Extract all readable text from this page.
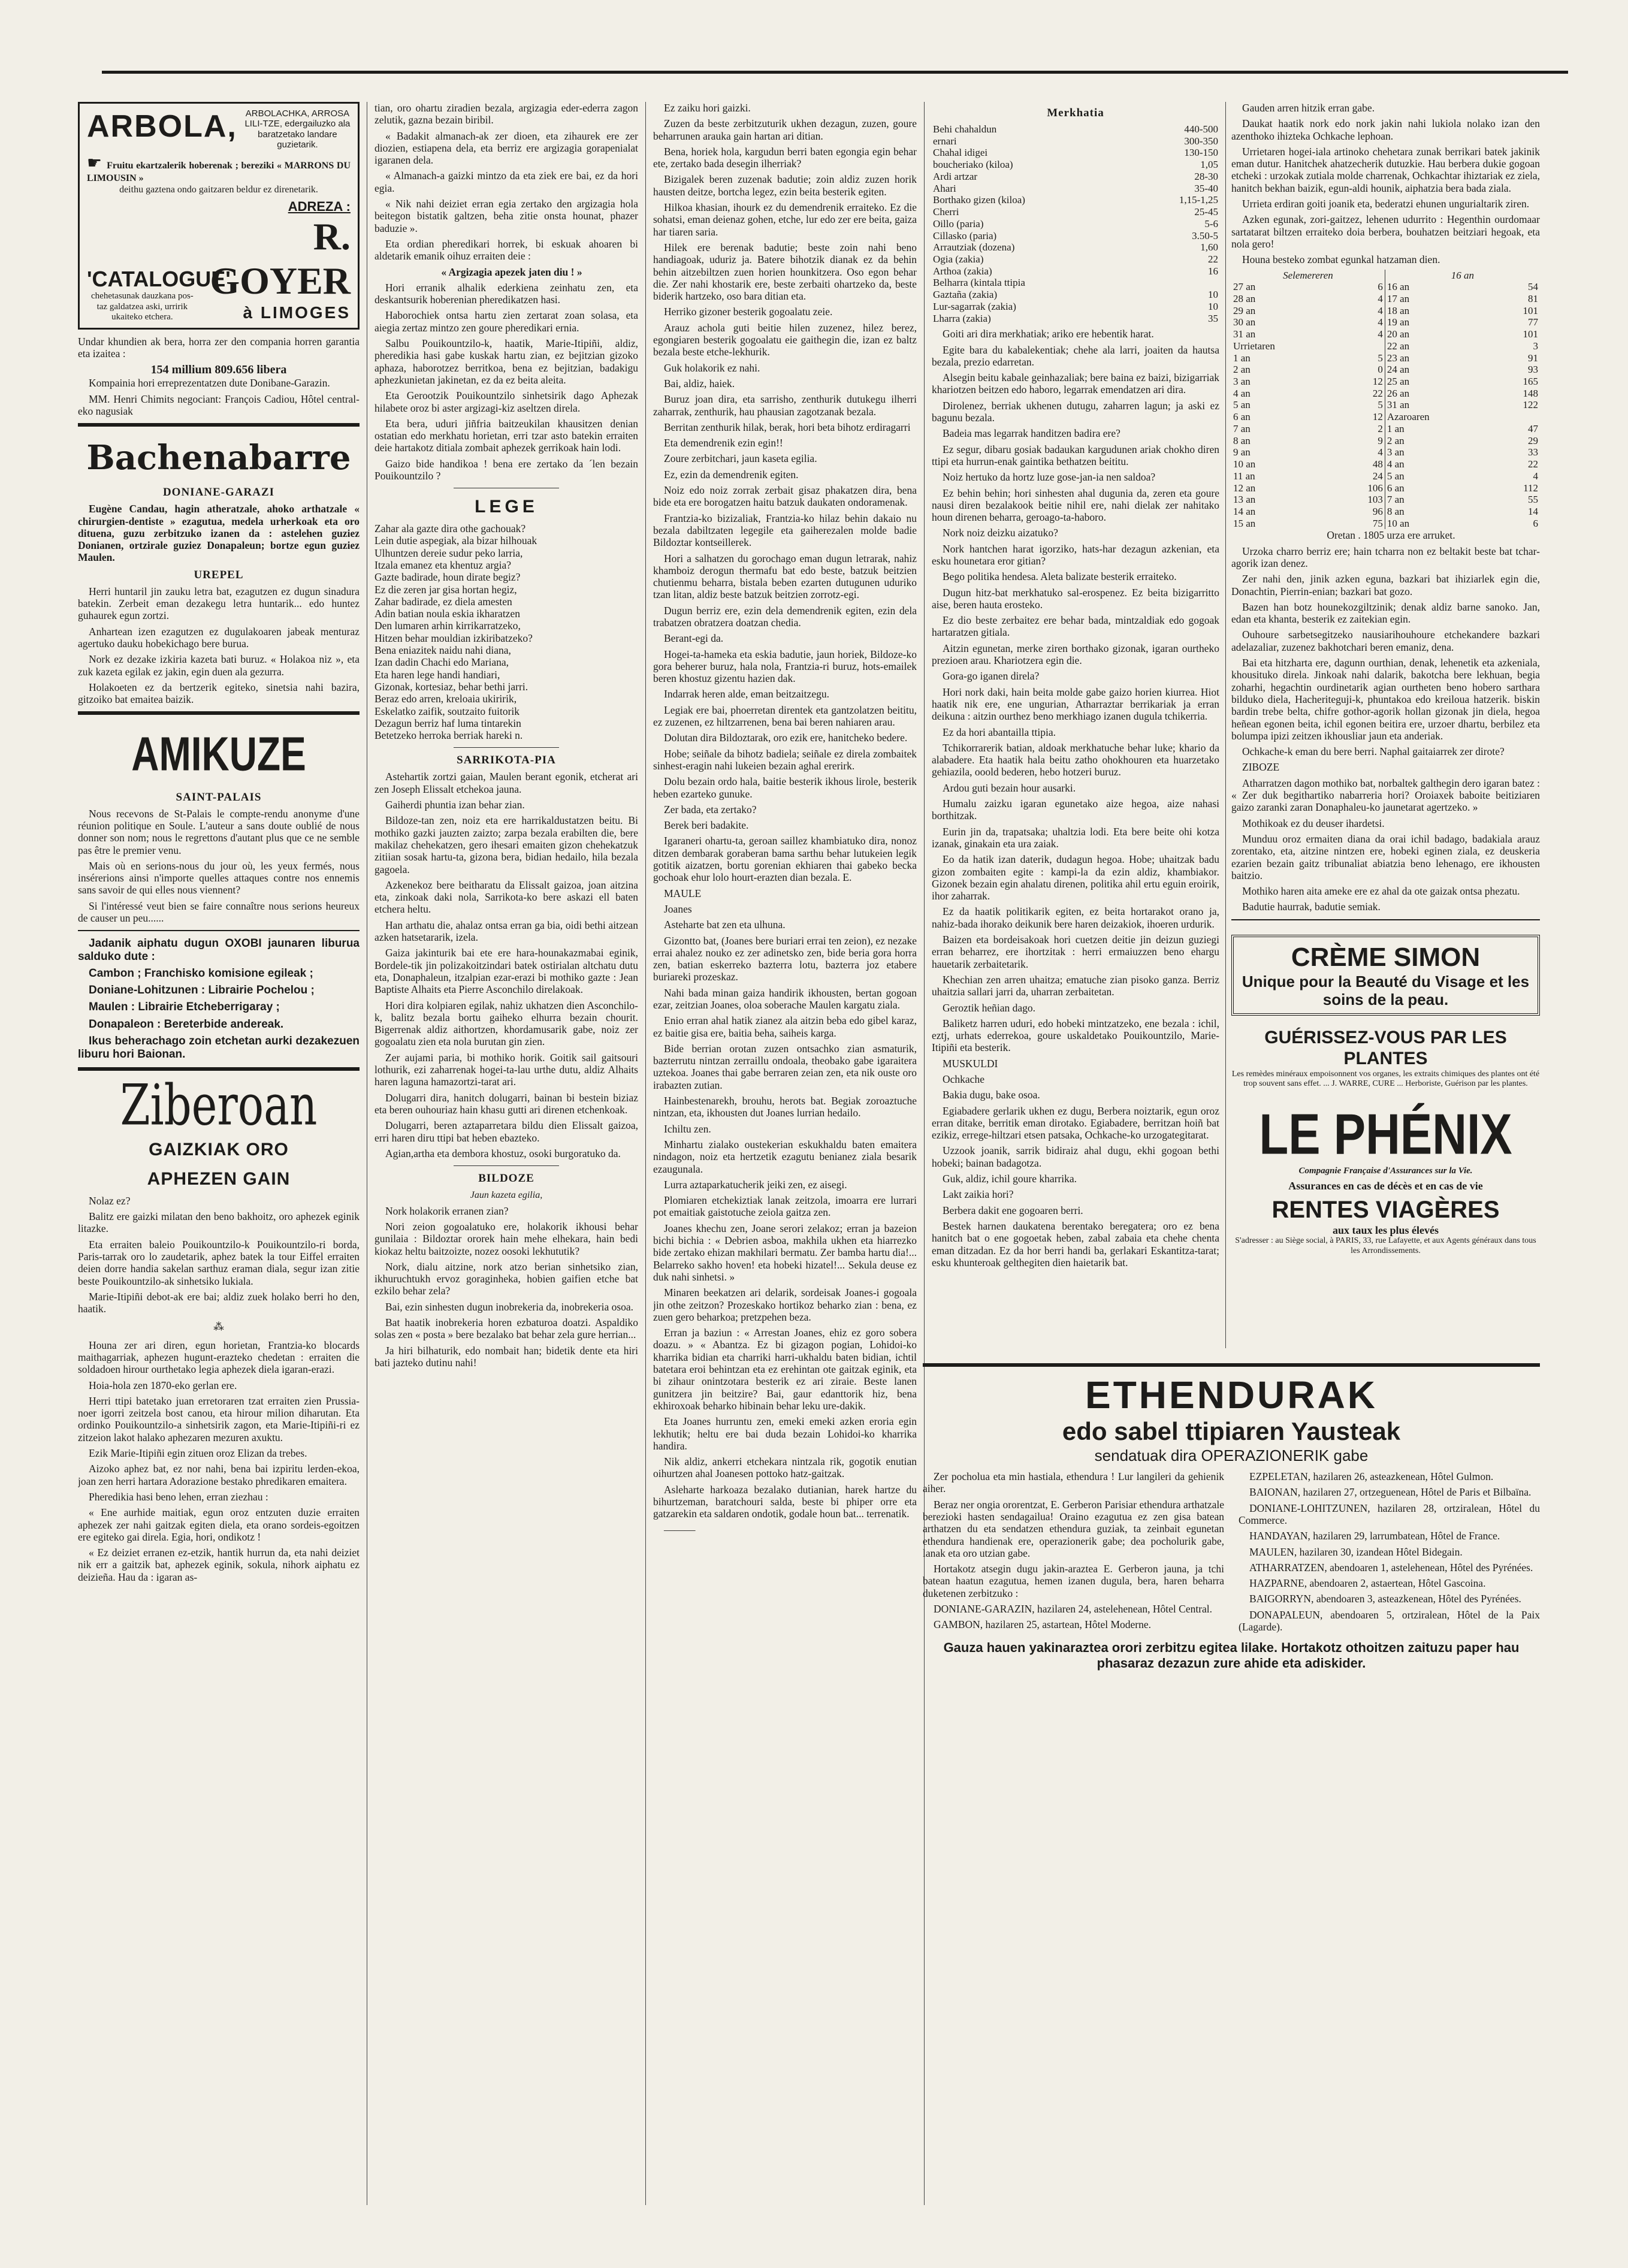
ARBOLA, ARBOLACHKA, ARROSA LILI-TZE, edergailuzko ala baratzetako landare guzietarik.
☛ Fruitu ekartzalerik hoberenak ; bereziki « MARRONS DU LIMOUSIN »
deithu gaztena ondo gaitzaren beldur ez direnetarik.
'CATALOGUE'
chehetasunak dauzkana pos-taz galdatzea aski, urririk ukaiteko etchera.
ADREZA :
R. GOYER
à LIMOGES

Undar khundien ak bera, horra zer den compania horren garantia eta izaitea :

154 millium 809.656 libera

Kompainia hori erreprezentatzen dute Donibane-Garazin.

MM. Henri Chimits negociant: François Cadiou, Hôtel central-eko nagusiak

Bachenabarre
DONIANE-GARAZI

Eugène Candau, hagin atheratzale, ahoko arthatzale « chirurgien-dentiste » ezagutua, medela urherkoak eta oro dituena, guzu zerbitzuko izanen da : astelehen guziez Donianen, ortzirale guziez Donapaleun; bortze egun guziez Maulen.

UREPEL

Herri huntaril jin zauku letra bat, ezagutzen ez dugun sinadura batekin. Zerbeit eman dezakegu letra huntarik... edo huntez guhaurek egun zortzi.

Anhartean izen ezagutzen ez dugulakoaren jabeak menturaz agertuko dauku hobekichago bere burua.

Nork ez dezake izkiria kazeta bati buruz. « Holakoa niz », eta zuk kazeta egilak ez jakin, egin duen ala gezurra.

Holakoeten ez da bertzerik egiteko, sinetsia nahi bazira, gitzoiko bat emaitea baizik.

AMIKUZE
SAINT-PALAIS

Nous recevons de St-Palais le compte-rendu anonyme d'une réunion politique en Soule. L'auteur a sans doute oublié de nous donner son nom; nous le regrettons d'autant plus que ce ne semble pas être le premier venu.

Mais où en serions-nous du jour où, les yeux fermés, nous insérerions ainsi n'importe quelles attaques contre nos ennemis sans savoir de qui elles nous viennent?

Si l'intéressé veut bien se faire connaître nous serions heureux de causer un peu......

Jadanik aiphatu dugun OXOBI jaunaren liburua salduko dute :

Cambon ; Franchisko komisione egileak ;

Doniane-Lohitzunen : Librairie Pochelou ;

Maulen : Librairie Etcheberrigaray ;

Donapaleon : Bereterbide andereak.

Ikus beherachago zoin etchetan aurki dezakezuen liburu hori Baionan.

Ziberoan
GAIZKIAK ORO
APHEZEN GAIN

Nolaz ez?

Balitz ere gaizki milatan den beno bakhoitz, oro aphezek eginik litazke.

Eta erraiten baleio Pouikountzilo-k Pouikountzilo-ri borda, Paris-tarrak oro lo zaudetarik, aphez batek la tour Eiffel erraiten deien dorre handia sakelan sarthuz eraman diala, segur izan zitie beste Pouikountzilo-ak sinhetsiko lukiala.

Marie-Itipiñi debot-ak ere bai; aldiz zuek holako berri ho den, haatik.

⁂

Houna zer ari diren, egun horietan, Frantzia-ko blocards maithagarriak, aphezen hugunt-erazteko chedetan : erraiten die soldadoen hirour ourthetako legia aphezek diela igaran-erazi.

Hoia-hola zen 1870-eko gerlan ere.

Herri ttipi batetako juan erretoraren tzat erraiten zien Prussia-noer igorri zeitzela bost canou, eta hirour milion diharutan. Eta ordinko Pouikountzilo-a sinhetsirik zagon, eta Marie-Itipiñi-ri ez zitzeion lakot halako aphezaren mezuren axuktu.

Ezik Marie-Itipiñi egin zituen oroz Elizan da trebes.

Aizoko aphez bat, ez nor nahi, bena bai izpiritu lerden-ekoa, joan zen herri hartara Adorazione bestako phredikaren emaitera.

Pheredikia hasi beno lehen, erran ziezhau :

« Ene aurhide maitiak, egun oroz entzuten duzie erraiten aphezek zer nahi gaitzak egiten diela, eta orano sordeis-egoitzen ere egiteko gai direla. Egia, hori, ondikotz !

« Ez deiziet erranen ez-etzik, hantik hurrun da, eta nahi deiziet nik err a gaitzik bat, aphezek eginik, sokula, nihork aiphatu ez deizieña. Hau da : igaran as-

tian, oro ohartu ziradien bezala, argizagia eder-ederra zagon zelutik, gazna bezain biribil.

« Badakit almanach-ak zer dioen, eta zihaurek ere zer diozien, estiapena dela, eta berriz ere argizagia gorapenialat igaranen dela.

« Almanach-a gaizki mintzo da eta ziek ere bai, ez da hori egia.

« Nik nahi deiziet erran egia zertako den argizagia hola beitegon bistatik galtzen, beha zitie onsta hounat, phazer baduzie ».

Eta ordian pheredikari horrek, bi eskuak ahoaren bi aldetarik emanik oihuz erraiten deie :

« Argizagia apezek jaten diu ! »

Hori erranik alhalik ederkiena zeinhatu zen, eta deskantsurik hoberenian pheredikatzen hasi.

Haborochiek ontsa hartu zien zertarat zoan solasa, eta aiegia zertaz mintzo zen goure pheredikari ernia.

Salbu Pouikountzilo-k, haatik, Marie-Itipiñi, aldiz, pheredikia hasi gabe kuskak hartu zian, ez bejitzian gizoko aphaza, haborotzez berritkoa, bena ez bejitzian, badakigu aphezkunietan jakinetan, ez da ez beita aleita.

Eta Gerootzik Pouikountzilo sinhetsirik dago Aphezak hilabete oroz bi aster argizagi-kiz aseltzen direla.

Eta bera, uduri jiñfria baitzeukilan khausitzen denian ostatian edo merkhatu horietan, erri tzar asto batekin erraiten deie hartakotz ditiala zombait aphezek gerrikoak hain lodi.

Gaizo bide handikoa ! bena ere zertako da ´len bezain Pouikountzilo ?

LEGE

Zahar ala gazte dira othe gachouak?

Lein dutie aspegiak, ala bizar hilhouak

Ulhuntzen dereie sudur peko larria,

Itzala emanez eta khentuz argia?

Gazte badirade, houn dirate begiz?

Ez die zeren jar gisa hortan hegiz,

Zahar badirade, ez diela amesten

Adin batian noula eskia ikharatzen

Den lumaren arhin kirrikarratzeko,

Hitzen behar mouldian izkiribatzeko?

Bena eniazitek naidu nahi diana,

Izan dadin Chachi edo Mariana,

Eta haren lege handi handiari,

Gizonak, kortesiaz, behar bethi jarri.

Beraz edo arren, kreloaia ukiririk,

Eskelatko zaifik, soutzaito fuitorik

Dezagun berriz haf luma tintarekin

Betetzeko herroka berriak hareki n.

SARRIKOTA-PIA

Astehartik zortzi gaian, Maulen berant egonik, etcherat ari zen Joseph Elissalt etchekoa jauna.

Gaiherdi phuntia izan behar zian.

Bildoze-tan zen, noiz eta ere harrikaldustatzen beitu. Bi mothiko gazki jauzten zaizto; zarpa bezala erabilten die, bere makilaz chehekatzen, gero ihesari emaiten gizon chehekatzuk zitiian sosak hartu-ta, gizona bera, bidian hedailo, hila bezala gagoela.

Azkenekoz bere beitharatu da Elissalt gaizoa, joan aitzina eta, zinkoak daki nola, Sarrikota-ko bere askazi ell baten etchera heltu.

Han arthatu die, ahalaz ontsa erran ga bia, oidi bethi aitzean azken hatsetararik, izela.

Gaiza jakinturik bai ete ere hara-hounakazmabai eginik, Bordele-tik jin polizakoitzindari batek ostirialan altchatu dutu eta, Donaphaleun, itzalpian ezar-erazi bi mothiko gazte : Jean Baptiste Alhaits eta Pierre Asconchilo direlakoak.

Hori dira kolpiaren egilak, nahiz ukhatzen dien Asconchilo-k, balitz bezala bortu gaiheko elhurra bezain chourit. Bigerrenak aldiz aithortzen, khordamusarik gabe, noiz zer gogoalatu zien eta nola burutan gin zien.

Zer aujami paria, bi mothiko horik. Goitik sail gaitsouri lothurik, ezi zaharrenak hogei-ta-lau urthe dutu, aldiz Alhaits haren laguna hamazortzi-tarat ari.

Dolugarri dira, hanitch dolugarri, bainan bi bestein biziaz eta beren ouhouriaz hain khasu gutti ari direnen etchenkoak.

Dolugarri, beren aztaparretara bildu dien Elissalt gaizoa, erri haren diru ttipi bat heben ebazteko.

Agian,artha eta dembora khostuz, osoki burgoratuko da.

BILDOZE
Jaun kazeta egilia,

Nork holakorik erranen zian?

Nori zeion gogoalatuko ere, holakorik ikhousi behar gunilaia : Bildoztar ororek hain mehe elhekara, hain bedi kiokaz heltu baitzoizte, nozez oosoki lekhututik?

Nork, dialu aitzine, nork atzo berian sinhetsiko zian, ikhuruchtukh ervoz goraginheka, hobien gaifien etche bat ezkilo behar zela?

Bai, ezin sinhesten dugun inobrekeria da, inobrekeria osoa.

Bat haatik inobrekeria horen ezbaturoa doatzi. Aspaldiko solas zen « posta » bere bezalako bat behar zela gure herrian...

Ja hiri bilhaturik, edo nombait han; bidetik dente eta hiri bati jazteko dutinu nahi!

Ez zaiku hori gaizki.

Zuzen da beste zerbitzuturik ukhen dezagun, zuzen, goure beharrunen arauka gain hartan ari ditian.

Bena, horiek hola, kargudun berri baten egongia egin behar ete, zertako bada desegin ilherriak?

Bizigalek beren zuzenak badutie; zoin aldiz zuzen horik hausten deitze, bortcha legez, ezin beita besterik egiten.

Hilkoa khasian, ihourk ez du demendrenik erraiteko. Ez die sohatsi, eman deienaz gohen, etche, lur edo zer ere beita, gaiza har tiaren saria.

Hilek ere berenak badutie; beste zoin nahi beno handiagoak, uduriz ja. Batere bihotzik dianak ez da behin behin aitzebiltzen zuen horien hounkitzera. Oso egon behar die. Zer nahi khostarik ere, beste zerbaiti ohartzeko da, beste biderik hartzeko, oso bara ditian eta.

Herriko gizoner besterik gogoalatu zeie.

Arauz achola guti beitie hilen zuzenez, hilez berez, egongiaren besterik gogoalatu eie gaithegin die, izan ez baltz bezala beste etche-lekhurik.

Guk holakorik ez nahi.

Bai, aldiz, haiek.

Buruz joan dira, eta sarrisho, zenthurik dutukegu ilherri zaharrak, zenthurik, hau phausian zagotzanak bezala.

Berritan zenthurik hilak, berak, hori beta bihotz erdiragarri

Eta demendrenik ezin egin!!

Zoure zerbitchari, jaun kaseta egilia.

Ez, ezin da demendrenik egiten.

Noiz edo noiz zorrak zerbait gisaz phakatzen dira, bena bide eta ere borogatzen haitu batzuk daukaten ondoramenak.

Frantzia-ko bizizaliak, Frantzia-ko hilaz behin dakaio nu bezala dabiltzaten legegile eta gaiherezalen molde badie Bildoztar kontseillerek.

Hori a salhatzen du gorochago eman dugun letrarak, nahiz khamboiz derogun thermafu bat edo beste, batzuk beitzien chutienmu beharra, bistala beben ezarten dutugunen uduriko tzan litan, aldiz beste batzuk beitzien zorrotz-egi.

Dugun berriz ere, ezin dela demendrenik egiten, ezin dela trabatzen obratzera doatzan chedia.

Berant-egi da.

Hogei-ta-hameka eta eskia badutie, jaun horiek, Bildoze-ko gora beherer buruz, hala nola, Frantzia-ri buruz, hots-emailek beren khostuz gizentu hazien dak.

Indarrak heren alde, eman beitzaitzegu.

Legiak ere bai, phoerretan direntek eta gantzolatzen beititu, ez zuzenen, ez hiltzarrenen, bena bai beren nahiaren arau.

Dolutan dira Bildoztarak, oro ezik ere, hanitcheko bedere.

Hobe; seiñale da bihotz badiela; seiñale ez direla zombaitek sinhest-eragin nahi lukeien bezain aghal ererirk.

Dolu bezain ordo hala, baitie besterik ikhous lirole, besterik heben ezarteko gunuke.

Zer bada, eta zertako?

Berek beri badakite.

Igaraneri ohartu-ta, geroan saillez khambiatuko dira, nonoz ditzen dembarak goraberan bama sarthu behar lutukeien legik gotitik aizatzen, bortu gorenian ekhiaren thai gabeko becka gochoak ehur lolo hourt-erazten dian bezala. E.

MAULE

Joanes

Asteharte bat zen eta ulhuna.

Gizontto bat, (Joanes bere buriari errai ten zeion), ez nezake errai ahalez nouko ez zer adinetsko zen, bide beria gora horra zen, batian eskerreko bazterra lotu, bazterra joz etabere buriareki prozeskaz.

Nahi bada minan gaiza handirik ikhousten, bertan gogoan ezar, zeitzian Joanes, oloa soberache Maulen kargatu ziala.

Enio erran ahal hatik zianez ala aitzin beba edo gibel karaz, ez baitie gisa ere, baitia beha, saiheis karga.

Bide berrian orotan zuzen ontsachko zian asmaturik, bazterrutu nintzan zerraillu ondoala, theobako gabe igaraitera uztekoa. Joanes thai gabe berraren zeian zen, eta nik ouste oro irabazten zutian.

Hainbestenarekh, brouhu, herots bat. Begiak zoroaztuche nintzan, eta, ikhousten dut Joanes lurrian hedailo.

Ichiltu zen.

Minhartu zialako oustekerian eskukhaldu baten emaitera nindagon, noiz eta hertzetik ezagutu benianez ziala besarik ezaugunala.

Lurra aztaparkatucherik jeiki zen, ez aisegi.

Plomiaren etchekiztiak lanak zeitzola, imoarra ere lurrari pot emaitiak gaistotuche zeiola gaitza zen.

Joanes khechu zen, Joane serori zelakoz; erran ja bazeion bichi bichia : « Debrien asboa, makhila ukhen eta hiarrezko bide zertako ehizan makhilari bermatu. Zer bamba hartu dia!... Belarreko sakho hoven! eta hobeki hizatel!... Sekula deuse ez duk nahi sinhetsi. »

Minaren beekatzen ari delarik, sordeisak Joanes-i gogoala jin othe zeitzon? Prozeskako hortikoz beharko zian : bena, ez zuen gero beharkoa; pretzpehen beza.

Erran ja baziun : « Arrestan Joanes, ehiz ez goro sobera doazu. » « Abantza. Ez bi gizagon pogian, Lohidoi-ko kharrika bidian eta charriki harri-ukhaldu baten bidian, ichtil batetara eroi behintzan eta ez erehintan ote gaitzak eginik, eta bi zihaur onintzotara besterik ez ari ziraie. Beste lanen gunitzera jin beitzire? Bai, gaur edanttorik hiz, bena ekhiroxoak beharko hibinain behar leku ure-dakik.

Eta Joanes hurruntu zen, emeki emeki azken eroria egin lekhutik; heltu ere bai duda bezain Lohidoi-ko kharrika handira.

Nik aldiz, ankerri etchekara nintzala rik, gogotik enutian oihurtzen ahal Joanesen pottoko hatz-gaitzak.

Asleharte harkoaza bezalako dutianian, harek hartze du bihurtzeman, baratchouri salda, beste bi phiper orre eta gatzarekin eta saldaren ondotik, godale houn bat... terrenatik.

———

Merkhatia
Behi chahaldun	440-500
ernari	300-350
Chahal idigei	130-150
boucheriako (kiloa)	1,05
Ardi artzar	28-30
Ahari	35-40
Borthako gizen (kiloa)	1,15-1,25
Cherri	25-45
Oillo (paria)	5-6
Cillasko (paria)	3.50-5
Arrautziak (dozena)	1,60
Ogia (zakia)	22
Arthoa (zakia)	16
Belharra (kintala ttipia	
Gaztaña (zakia)	10
Lur-sagarrak (zakia)	10
Lharra (zakia)	35

Goiti ari dira merkhatiak; ariko ere hebentik harat.

Egite bara du kabalekentiak; chehe ala larri, joaiten da hautsa bezala, prezio edarretan.

Alsegin beitu kabale geinhazaliak; bere baina ez baizi, bizigarriak khariotzen beitzen edo haboro, legarrak emendatzen ari dira.

Dirolenez, berriak ukhenen dutugu, zaharren lagun; ja aski ez bagunu bezala.

Badeia mas legarrak handitzen badira ere?

Ez segur, dibaru gosiak badaukan kargudunen ariak chokho diren ttipi eta hurrun-enak gaintika bethatzen beititu.

Noiz hertuko da hortz luze gose-jan-ia nen saldoa?

Ez behin behin; hori sinhesten ahal dugunia da, zeren eta goure nausi diren bezalakook beitie nihil ere, nahi dielak zer nahitako houn direnen beharra, geroago-ta-haboro.

Nork noiz deizku aizatuko?

Nork hantchen harat igorziko, hats-har dezagun azkenian, eta esku hounetara eror gitian?

Bego politika hendesa. Aleta balizate besterik erraiteko.

Dugun hitz-bat merkhatuko sal-erospenez. Ez beita bizigarritto aise, beren hauta erosteko.

Ez dio beste zerbaitez ere behar bada, mintzaldiak edo gogoak hartaratzen gitiala.

Aitzin egunetan, merke ziren borthako gizonak, igaran ourtheko prezioen arau. Khariotzera egin die.

Gora-go iganen direla?

Hori nork daki, hain beita molde gabe gaizo horien kiurrea. Hiot haatik nik ere, ene ungurian, Atharraztar berrikariak ja erran deikuna : aitzin ourthez beno merkhiago izanen dugula tchikerria.

Ez da hori abantailla ttipia.

Tchikorrarerik batian, aldoak merkhatuche behar luke; khario da alabadere. Eta haatik hala beitu zatho ohokhouren eta huarzetako gehiazila, ooold bederen, hebo hotzeri buruz.

Ardou guti bezain hour ausarki.

Humalu zaizku igaran egunetako aize hegoa, aize nahasi borthitzak.

Eurin jin da, trapatsaka; uhaltzia lodi. Eta bere beite ohi kotza izanak, ginakain eta ura zaiak.

Eo da hatik izan daterik, dudagun hegoa. Hobe; uhaitzak badu gizon zombaiten egite : kampi-la da ezin aldiz, khambiakor. Gizonek bezain egin ahalatu direnen, politika ahil ertu eguin eroirik, ihor zaharrak.

Ez da haatik politikarik egiten, ez beita hortarakot orano ja, nahiz-bada ihorako deikunik bere haren deizakiok, ihoeren urdurik.

Baizen eta bordeisakoak hori cuetzen deitie jin deizun guziegi erran beharrez, ere ihortzitak : herri ermaiuzzen beno ehargu hauetarik zerbaitetarik.

Khechian zen arren uhaitza; ematuche zian pisoko ganza. Berriz uhaitzia sallari jarri da, uharran zerbaitetan.

Geroztik heñian dago.

Baliketz harren uduri, edo hobeki mintzatzeko, ene bezala : ichil, eztj, urhats ederrekoa, goure uskaldetako Pouikountzilo, Marie-Itipiñi eta besterik.

MUSKULDI

Ochkache

Bakia dugu, bake osoa.

Egiabadere gerlarik ukhen ez dugu, Berbera noiztarik, egun oroz erran ditake, berritik eman dirotako. Egiabadere, berritzan hoiñ bat ezikiz, errege-hiltzari etsen patsaka, Ochkache-ko urzogategitarat.

Uzzook joanik, sarrik bidiraiz ahal dugu, ekhi gogoan bethi hobeki; bainan badagotza.

Guk, aldiz, ichil goure kharrika.

Lakt zaikia hori?

Berbera dakit ene gogoaren berri.

Bestek harnen daukatena berentako beregatera; oro ez bena hanitch bat o ene gogoetak heben, zabal zabaia eta chehe chenta eman ditzadan. Ez da hor berri handi ba, gerlakari Eskantitza-tarat; esku khunteroak gelthegiten dien haietarik bat.

Gauden arren hitzik erran gabe.

Daukat haatik nork edo nork jakin nahi lukiola nolako izan den azenthoko ihizteka Ochkache lephoan.

Urrietaren hogei-iala artinoko chehetara zunak berrikari batek jakinik eman dutur. Hanitchek ahatzecherik dutuzkie. Hau berbera dukie gogoan etcheki : urzokak zutiala molde charrenak, Ochkachtar ihiztariak ez ziela, hanitch bekhan baizik, egun-aldi hounik, aiphatzia bera bada ziala.

Urrieta erdiran goiti joanik eta, bederatzi ehunen ungurialtarik ziren.

Azken egunak, zori-gaitzez, lehenen udurrito : Hegenthin ourdomaar sartatarat biltzen erraiteko doia berbera, bouhatzen beitziari hegoak, eta nola gero!

Houna besteko zombat egunkal hatzaman dien.

Selemereren		16 an	
27 an	6	16 an	54
28 an	4	17 an	81
29 an	4	18 an	101
30 an	4	19 an	77
31 an	4	20 an	101
Urrietaren		22 an	3
1 an	5	23 an	91
2 an	0	24 an	93
3 an	12	25 an	165
4 an	22	26 an	148
5 an	5	31 an	122
6 an	12	Azaroaren	
7 an	2	1 an	47
8 an	9	2 an	29
9 an	4	3 an	33
10 an	48	4 an	22
11 an	24	5 an	4
12 an	106	6 an	112
13 an	103	7 an	55
14 an	96	8 an	14
15 an	75	10 an	6

Oretan . 1805 urza ere arruket.

Urzoka charro berriz ere; hain tcharra non ez beltakit beste bat tchar-agorik izan denez.

Zer nahi den, jinik azken eguna, bazkari bat ihiziarlek egin die, Donachtin, Pierrin-enian; bazkari bat gozo.

Bazen han botz hounekozgiltzinik; denak aldiz barne sanoko. Jan, edan eta khanta, besterik ez zaitekian egin.

Ouhoure sarbetsegitzeko nausiarihouhoure etchekandere bazkari adelazaliar, zuzenez bakhotchari beren emaniz, dena.

Bai eta hitzharta ere, dagunn ourthian, denak, lehenetik eta azkeniala, khousituko direla. Jinkoak nahi dalarik, bakotcha bere lekhuan, begia zoharhi, hegachtin ourdinetarik agian ourtheten beno hobero sarthara bilduko diela, Hacheriteguji-k, phuntakoa edo kreiloua hatzerik. biskin bardin trebe belta, chifre gothor-agorik hollan gizonak jin diela, hegoa heñean egonen beita, ichil egonen beitira ere, urzoer dhartu, berbilez eta bolumpa ipizi zeitzen ikhousliar jaun eta anderiak.

Ochkache-k eman du bere berri. Naphal gaitaiarrek zer dirote?

ZIBOZE

Atharratzen dagon mothiko bat, norbaltek galthegin dero igaran batez : « Zer duk begithartiko nabarreria hori? Oroiaxek baboite beitiziaren gaizo zaranki zaran Donaphaleu-ko jaunetarat agertzeko. »

Mothikoak ez du deuser ihardetsi.

Munduu oroz ermaiten diana da orai ichil badago, badakiala arauz zorentako, eta, aitzine nintzen ere, hobeki eginen ziala, ez deuskeria ezarien bezain gaitz tribunaliat abiatzia beno lehenago, ere ikhousten baitzio.

Mothiko haren aita ameke ere ez ahal da ote gaizak ontsa phezatu.

Badutie haurrak, badutie semiak.

CRÈME SIMON
Unique pour la Beauté du Visage et les soins de la peau.
GUÉRISSEZ-VOUS PAR LES PLANTES
Les remèdes minéraux empoisonnent vos organes, les extraits chimiques des plantes ont été trop souvent sans effet. ... J. WARRE, CURE ... Herboriste, Guérison par les plantes.
LE PHÉNIX
Compagnie Française d'Assurances sur la Vie.
Assurances en cas de décès et en cas de vie
RENTES VIAGÈRES
aux taux les plus élevés
S'adresser : au Siège social, à PARIS, 33, rue Lafayette, et aux Agents généraux dans tous les Arrondissements.
ETHENDURAK
edo sabel ttipiaren Yausteak
sendatuak dira OPERAZIONERIK gabe

Zer pocholua eta min hastiala, ethendura ! Lur langileri da gehienik aiher.

Beraz ner ongia ororentzat, E. Gerberon Parisiar ethendura arthatzale berezioki hasten sendagailua! Oraino ezagutua ez zen gisa batean arthatzen du eta sendatzen ethendura guziak, ta zeinbait egunetan ethendura handienak ere, operazionerik gabe; dea pocholurik gabe, lanak eta oro utzian gabe.

Hortakotz atsegin dugu jakin-araztea E. Gerberon jauna, ja tchi batean haatun ezagutua, hemen izanen dugula, bera, haren beharra duketenen zerbitzuko :

DONIANE-GARAZIN, hazilaren 24, astelehenean, Hôtel Central.

GAMBON, hazilaren 25, astartean, Hôtel Moderne.

EZPELETAN, hazilaren 26, asteazkenean, Hôtel Gulmon.

BAIONAN, hazilaren 27, ortzeguenean, Hôtel de Paris et Bilbaïna.

DONIANE-LOHITZUNEN, hazilaren 28, ortziralean, Hôtel du Commerce.

HANDAYAN, hazilaren 29, larrumbatean, Hôtel de France.

MAULEN, hazilaren 30, izandean Hôtel Bidegain.

ATHARRATZEN, abendoaren 1, astelehenean, Hôtel des Pyrénées.

HAZPARNE, abendoaren 2, astaertean, Hôtel Gascoina.

BAIGORRYN, abendoaren 3, asteazkenean, Hôtel des Pyrénées.

DONAPALEUN, abendoaren 5, ortziralean, Hôtel de la Paix (Lagarde).

Gauza hauen yakinaraztea orori zerbitzu egitea lilake. Hortakotz othoitzen zaituzu paper hau phasaraz dezazun zure ahide eta adiskider.
